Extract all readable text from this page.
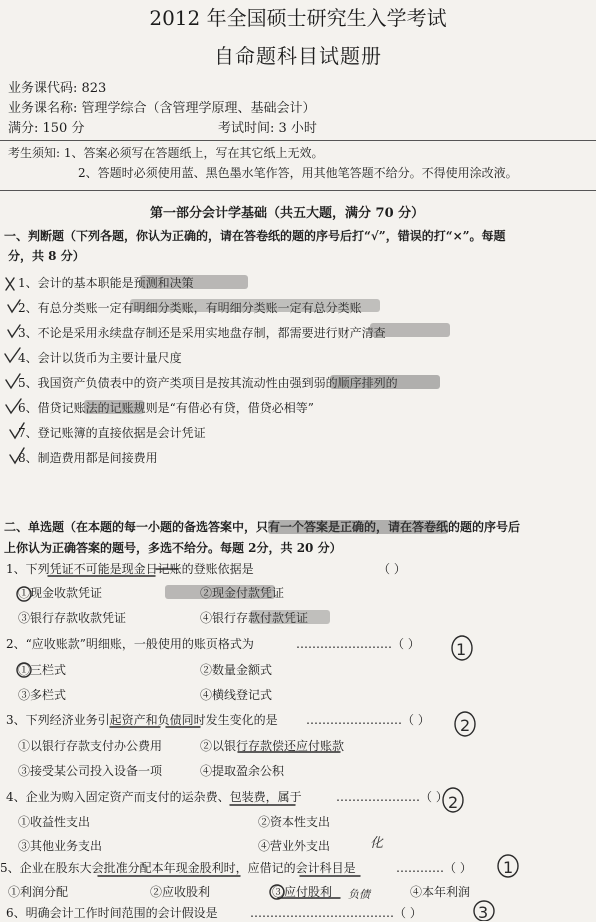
2012 年全国硕士研究生入学考试
自命题科目试题册
业务课代码: 823
业务课名称: 管理学综合（含管理学原理、基础会计）
满分: 150 分	考试时间: 3 小时
考生须知: 1、答案必须写在答题纸上，写在其它纸上无效。
2、答题时必须使用蓝、黑色墨水笔作答，用其他笔答题不给分。不得使用涂改液。
第一部分会计学基础（共五大题，满分 70 分）
一、判断题（下列各题，你认为正确的，请在答卷纸的题的序号后打“√”，错误的打“×”。每题
分，共 8 分）
1、会计的基本职能是预测和决策
2、有总分类账一定有明细分类账，有明细分类账一定有总分类账
3、不论是采用永续盘存制还是采用实地盘存制，都需要进行财产清查
4、会计以货币为主要计量尺度
5、我国资产负债表中的资产类项目是按其流动性由强到弱的顺序排列的
6、借贷记账法的记账规则是“有借必有贷，借贷必相等”
7、登记账簿的直接依据是会计凭证
8、制造费用都是间接费用
二、单选题（在本题的每一小题的备选答案中，只有一个答案是正确的，请在答卷纸的题的序号后
上你认为正确答案的题号，多选不给分。每题 2分，共 20 分）
1、下列凭证不可能是现金日记账的登账依据是	（ ）
①现金收款凭证	②现金付款凭证
③银行存款收款凭证	④银行存款付款凭证
2、“应收账款”明细账，一般使用的账页格式为	……………………（ ）
①三栏式	②数量金额式
③多栏式	④横线登记式
3、下列经济业务引起资产和负债同时发生变化的是 ……………………（ ）
①以银行存款支付办公费用	②以银行存款偿还应付账款
③接受某公司投入设备一项	④提取盈余公积
4、企业为购入固定资产而支付的运杂费、包装费，属于	…………………（ ）
①收益性支出	②资本性支出
③其他业务支出	④营业外支出
5、企业在股东大会批准分配本年现金股利时，应借记的会计科目是	…………（ ）
①利润分配	②应收股利	③应付股利	④本年利润
6、明确会计工作时间范围的会计假设是	………………………………（ ）
1
2
2
1
3
化
负债
